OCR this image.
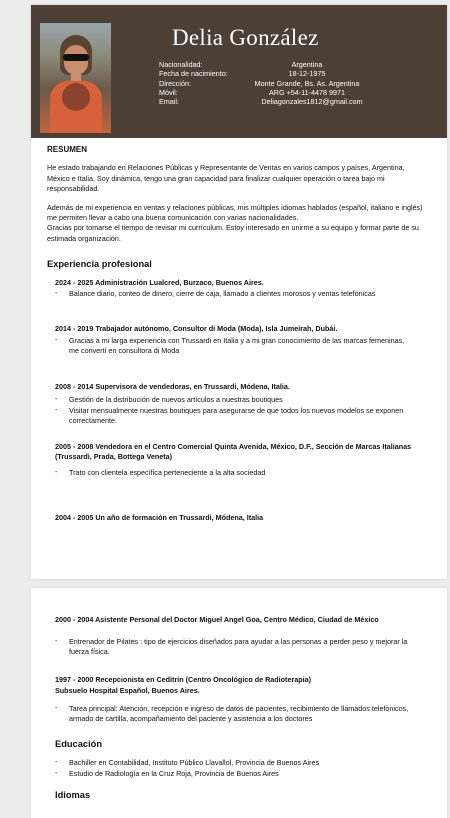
Delia González
Nacionalidad:	Argentina
Fecha de nacimiento:	18-12-1975
Dirección:	Monte Grande, Bs. As. Argentina
Móvil:	ARG +54-11-4478 9971
Email:	Deliagonzales1812@gmail.com
RESUMEN

He estado trabajando en Relaciones Públicas y Representante de Ventas en varios campos y países, Argentina, México e Italia. Soy dinámica, tengo una gran capacidad para finalizar cualquier operación o tarea bajo mi responsabilidad.

Además de mi experiencia en ventas y relaciones públicas, mis múltiples idiomas hablados (español, italiano e inglés) me permiten llevar a cabo una buena comunicación con varias nacionalidades.

Gracias por tomarse el tiempo de revisar mi currículum. Estoy interesado en unirme a su equipo y formar parte de su estimada organización.

Experiencia profesional
2024 - 2025 Administración Lualcred, Burzaco, Buenos Aires.
- Balance diario, conteo de dinero, cierre de caja, llamado a clientes morosos y ventas telefónicas
2014 - 2019 Trabajador autónomo, Consultor di Moda (Moda), Isla Jumeirah, Dubái.
- Gracias a mi larga experiencia con Trussardi en Italia y a mi gran conocimiento de las marcas femeninas, me convertí en consultora di Moda
2008 - 2014 Supervisora de vendedoras, en Trussardi, Módena, Italia.
- Gestión de la distribución de nuevos artículos a nuestras boutiques
- Visitar mensualmente nuestras boutiques para asegurarse de que todos los nuevos modelos se exponen correctamente.
2005 - 2008 Vendedora en el Centro Comercial Quinta Avenida, México, D.F., Sección de Marcas Italianas (Trussardi, Prada, Bottega Veneta)
- Trato con clientela específica perteneciente a la alta sociedad
2004 - 2005 Un año de formación en Trussardi, Módena, Italia
2000 - 2004 Asistente Personal del Doctor Miguel Angel Goa, Centro Médico, Ciudad de México
- Entrenador de Pilates : tipo de ejercicios diseñados para ayudar a las personas a perder peso y mejorar la fuerza física.
1997 - 2000 Recepcionista en Ceditrin (Centro Oncológico de Radioterapia)
Subsuelo Hospital Español, Buenos Aires.
- Tarea principal: Atención, recepción e ingreso de datos de pacientes, recibimiento de llamados telefónicos, armado de cartilla, acompañamiento del paciente y asistencia a los doctores
Educación
- Bachiller en Contabilidad, Instituto Público Llavallol, Provincia de Buenos Aires
- Estudio de Radiología en la Cruz Roja, Provincia de Buenos Aires
Idiomas
